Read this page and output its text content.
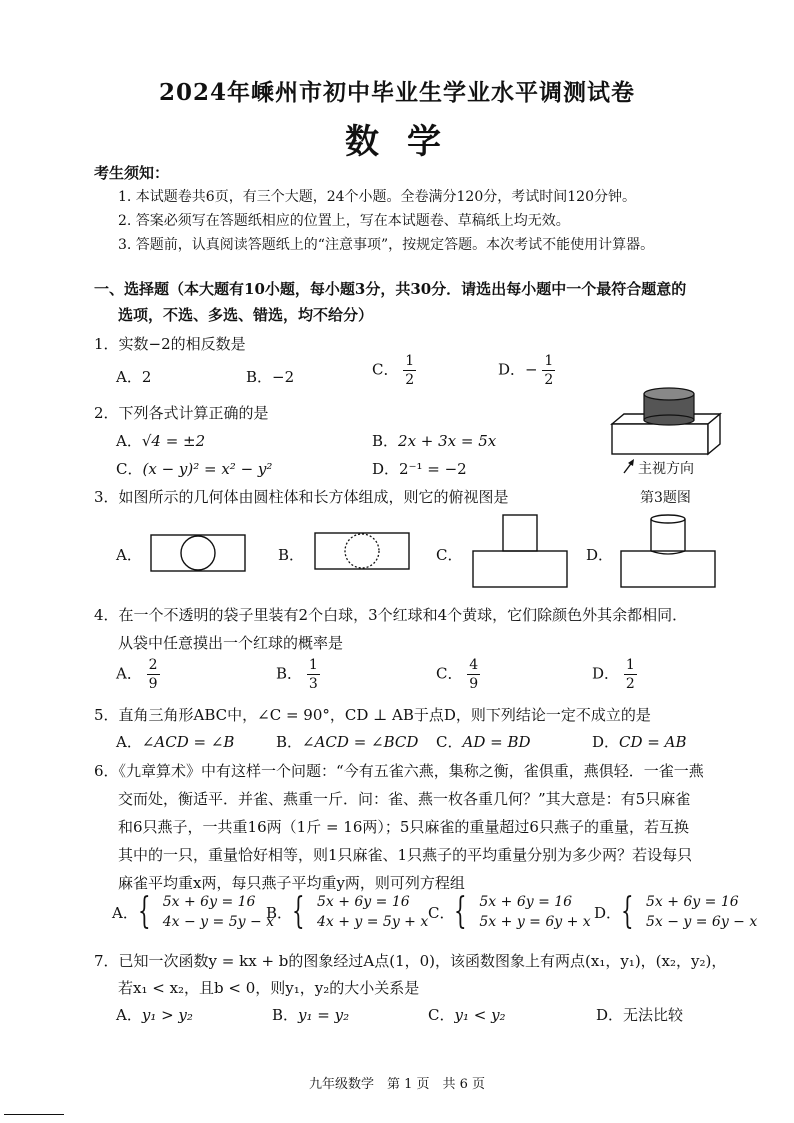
2024年嵊州市初中毕业生学业水平调测试卷
数学
考生须知：
1. 本试题卷共6页，有三个大题，24个小题。全卷满分120分，考试时间120分钟。
2. 答案必须写在答题纸相应的位置上，写在本试题卷、草稿纸上均无效。
3. 答题前，认真阅读答题纸上的“注意事项”，按规定答题。本次考试不能使用计算器。
一、选择题（本大题有10小题，每小题3分，共30分．请选出每小题中一个最符合题意的
选项，不选、多选、错选，均不给分）
1．实数−2的相反数是
A．2	B．−2	C． $\frac{1}{2}$	D．− $\frac{1}{2}$
2．下列各式计算正确的是
A．√4 = ±2	B．2x + 3x = 5x
C．(x − y)² = x² − y²	D．2⁻¹ = −2	主视方向
第3题图
3．如图所示的几何体由圆柱体和长方体组成，则它的俯视图是
A．	B．	C．	D．
4．在一个不透明的袋子里装有2个白球，3个红球和4个黄球，它们除颜色外其余都相同．
从袋中任意摸出一个红球的概率是
A． $\frac{2}{9}$	B． $\frac{1}{3}$	C． $\frac{4}{9}$	D． $\frac{1}{2}$
5．直角三角形ABC中，∠C = 90°，CD ⊥ AB于点D，则下列结论一定不成立的是
A．∠ACD = ∠B	B．∠ACD = ∠BCD C．AD = BD	D．CD = AB
6．《九章算术》中有这样一个问题：“今有五雀六燕，集称之衡，雀俱重，燕俱轻．一雀一燕
交而处，衡适平．并雀、燕重一斤．问：雀、燕一枚各重几何？”其大意是：有5只麻雀
和6只燕子，一共重16两（1斤 = 16两）；5只麻雀的重量超过6只燕子的重量，若互换
其中的一只，重量恰好相等，则1只麻雀、1只燕子的平均重量分别为多少两？若设每只
麻雀平均重x两，每只燕子平均重y两，则可列方程组
A． { 5x + 6y = 16
4x − y = 5y − x
B． { 5x + 6y = 16
4x + y = 5y + x
C． { 5x + 6y = 16
5x + y = 6y + x
D． { 5x + 6y = 16
5x − y = 6y − x
7．已知一次函数y = kx + b的图象经过A点(1，0)，该函数图象上有两点(x₁，y₁)，(x₂，y₂)，
若x₁ < x₂，且b < 0，则y₁，y₂的大小关系是
A．y₁ > y₂	B．y₁ = y₂	C．y₁ < y₂	D．无法比较
九年级数学　第 1 页　共 6 页
